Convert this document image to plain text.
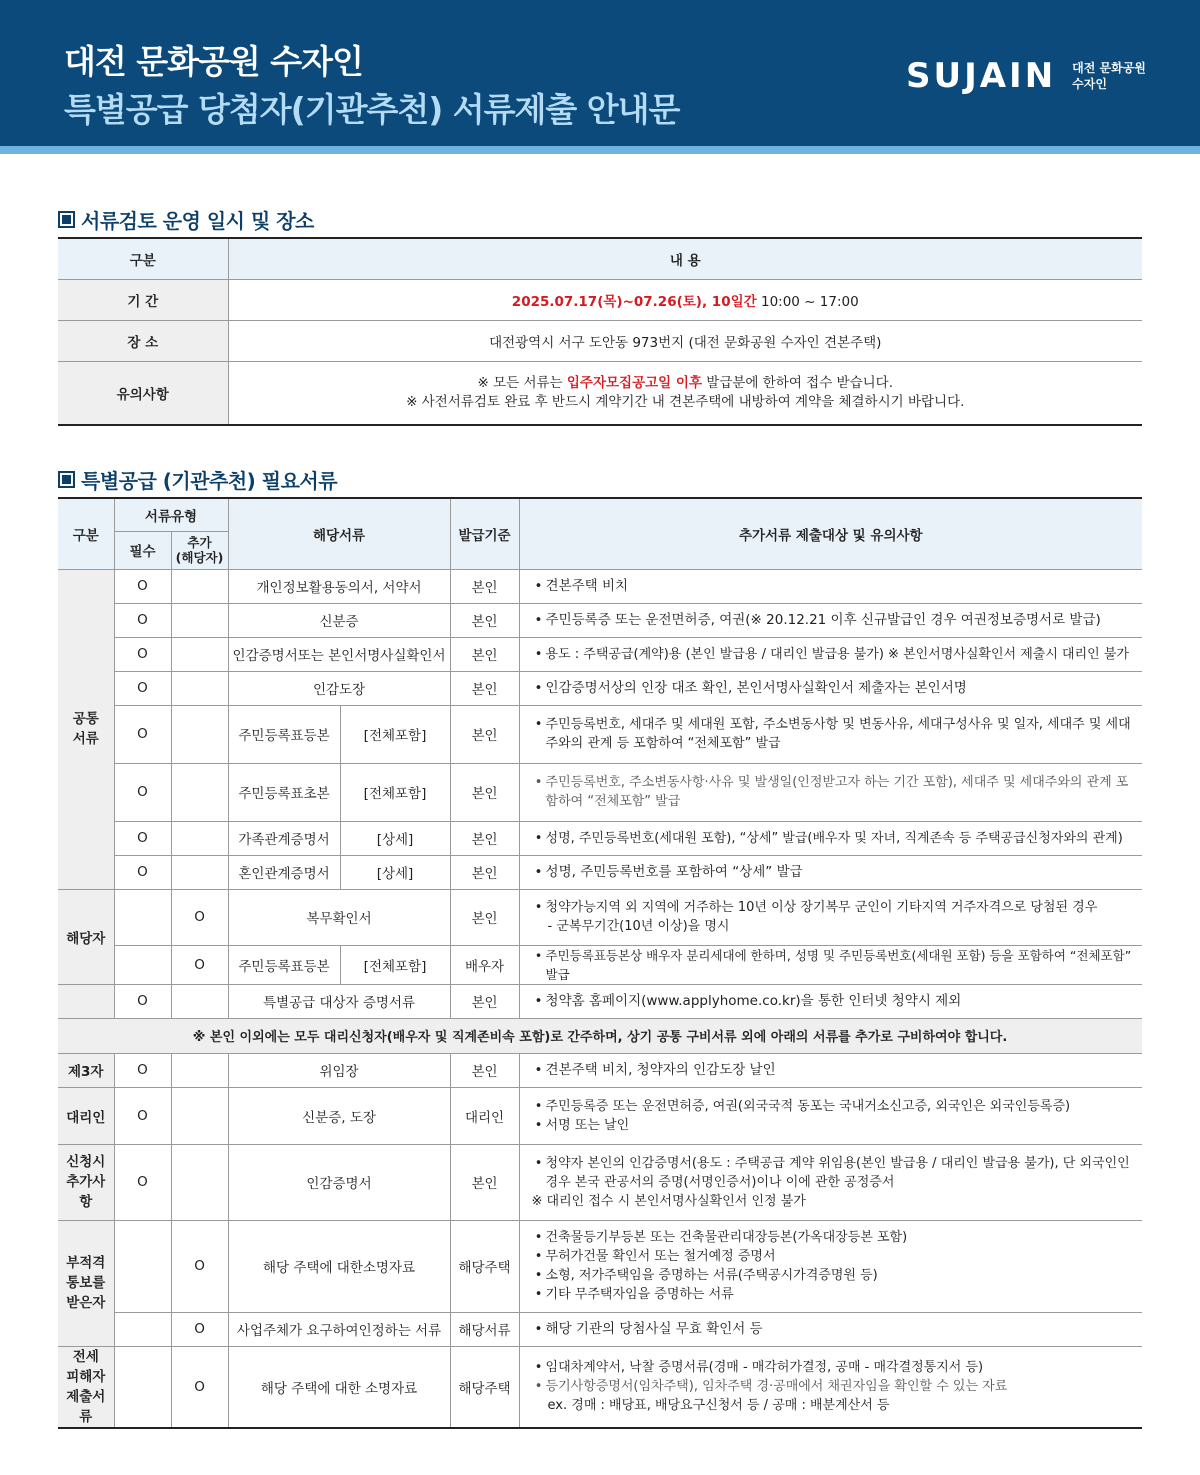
대전 문화공원 수자인
특별공급 당첨자(기관추천) 서류제출 안내문
SUJAIN 대전 문화공원
수자인
서류검토 운영 일시 및 장소
구분	내 용
기 간	2025.07.17(목)~07.26(토), 10일간 10:00 ~ 17:00
장 소	대전광역시 서구 도안동 973번지 (대전 문화공원 수자인 견본주택)
유의사항	※ 모든 서류는 입주자모집공고일 이후 발급분에 한하여 접수 받습니다.
※ 사전서류검토 완료 후 반드시 계약기간 내 견본주택에 내방하여 계약을 체결하시기 바랍니다.
특별공급 (기관추천) 필요서류
구분	서류유형		해당서류		발급기준	추가서류 제출대상 및 유의사항
	필수	추가
(해당자)				
공통
서류	O		개인정보활용동의서, 서약서		본인	• 견본주택 비치

	O		신분증		본인	• 주민등록증 또는 운전면허증, 여권(※ 20.12.21 이후 신규발급인 경우 여권정보증명서로 발급)

	O		인감증명서또는 본인서명사실확인서		본인	• 용도 : 주택공급(계약)용 (본인 발급용 / 대리인 발급용 불가) ※ 본인서명사실확인서 제출시 대리인 불가

	O		인감도장		본인	• 인감증명서상의 인장 대조 확인, 본인서명사실확인서 제출자는 본인서명

	O		주민등록표등본	[전체포함]	본인	• 주민등록번호, 세대주 및 세대원 포함, 주소변동사항 및 변동사유, 세대구성사유 및 일자, 세대주 및 세대주와의 관계 등 포함하여 “전체포함” 발급

	O		주민등록표초본	[전체포함]	본인	• 주민등록번호, 주소변동사항·사유 및 발생일(인정받고자 하는 기간 포함), 세대주 및 세대주와의 관계 포함하여 “전체포함” 발급

	O		가족관계증명서	[상세]	본인	• 성명, 주민등록번호(세대원 포함), “상세” 발급(배우자 및 자녀, 직계존속 등 주택공급신청자와의 관계)

	O		혼인관계증명서	[상세]	본인	• 성명, 주민등록번호를 포함하여 “상세” 발급

해당자		O	복무확인서		본인	• 청약가능지역 외 지역에 거주하는 10년 이상 장기복무 군인이 기타지역 거주자격으로 당첨된 경우
- 군복무기간(10년 이상)을 명시

		O	주민등록표등본	[전체포함]	배우자	• 주민등록표등본상 배우자 분리세대에 한하며, 성명 및 주민등록번호(세대원 포함) 등을 포함하여 “전체포함” 발급

	O		특별공급 대상자 증명서류		본인	• 청약홈 홈페이지(www.applyhome.co.kr)을 통한 인터넷 청약시 제외

※ 본인 이외에는 모두 대리신청자(배우자 및 직계존비속 포함)로 간주하며, 상기 공통 구비서류 외에 아래의 서류를 추가로 구비하여야 합니다.						
제3자	O		위임장		본인	• 견본주택 비치, 청약자의 인감도장 날인

대리인	O		신분증, 도장		대리인	• 주민등록증 또는 운전면허증, 여권(외국국적 동포는 국내거소신고증, 외국인은 외국인등록증)
• 서명 또는 날인

신청시
추가사항	O		인감증명서		본인	• 청약자 본인의 인감증명서(용도 : 주택공급 계약 위임용(본인 발급용 / 대리인 발급용 불가), 단 외국인인 경우 본국 관공서의 증명(서명인증서)이나 이에 관한 공정증서
※ 대리인 접수 시 본인서명사실확인서 인정 불가

부적격
통보를
받은자		O	해당 주택에 대한소명자료		해당주택	• 건축물등기부등본 또는 건축물관리대장등본(가옥대장등본 포함)
• 무허가건물 확인서 또는 철거예정 증명서
• 소형, 저가주택임을 증명하는 서류(주택공시가격증명원 등)
• 기타 무주택자임을 증명하는 서류

		O	사업주체가 요구하여인정하는 서류		해당서류	• 해당 기관의 당첨사실 무효 확인서 등

전세
피해자
제출서류		O	해당 주택에 대한 소명자료		해당주택	• 임대차계약서, 낙찰 증명서류(경매 - 매각허가결정, 공매 - 매각결정통지서 등)
• 등기사항증명서(임차주택), 임차주택 경·공매에서 채권자임을 확인할 수 있는 자료
ex. 경매 : 배당표, 배당요구신청서 등 / 공매 : 배분계산서 등
